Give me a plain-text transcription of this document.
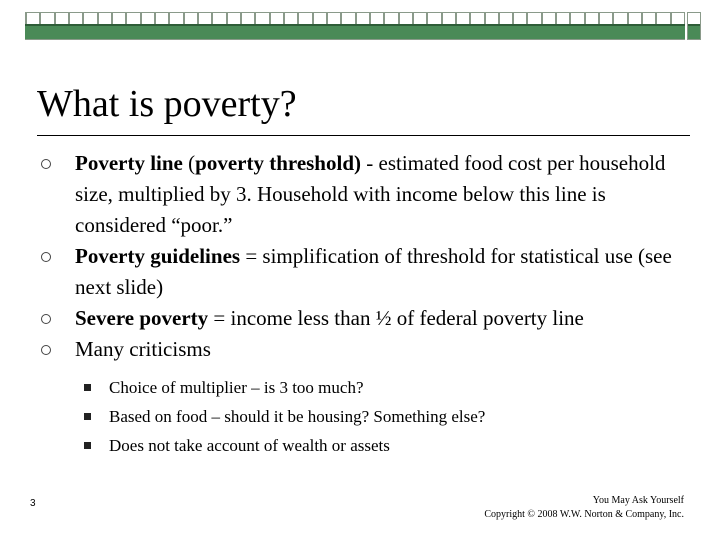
What is poverty?

Poverty line (poverty threshold) - estimated food cost per household size, multiplied by 3. Household with income below this line is considered “poor.”

Poverty guidelines = simplification of threshold for statistical use (see next slide)

Severe poverty = income less than ½ of federal poverty line

Many criticisms

Choice of multiplier – is 3 too much?

Based on food – should it be housing? Something else?

Does not take account of wealth or assets

3	You May Ask Yourself
Copyright © 2008 W.W. Norton & Company, Inc.
